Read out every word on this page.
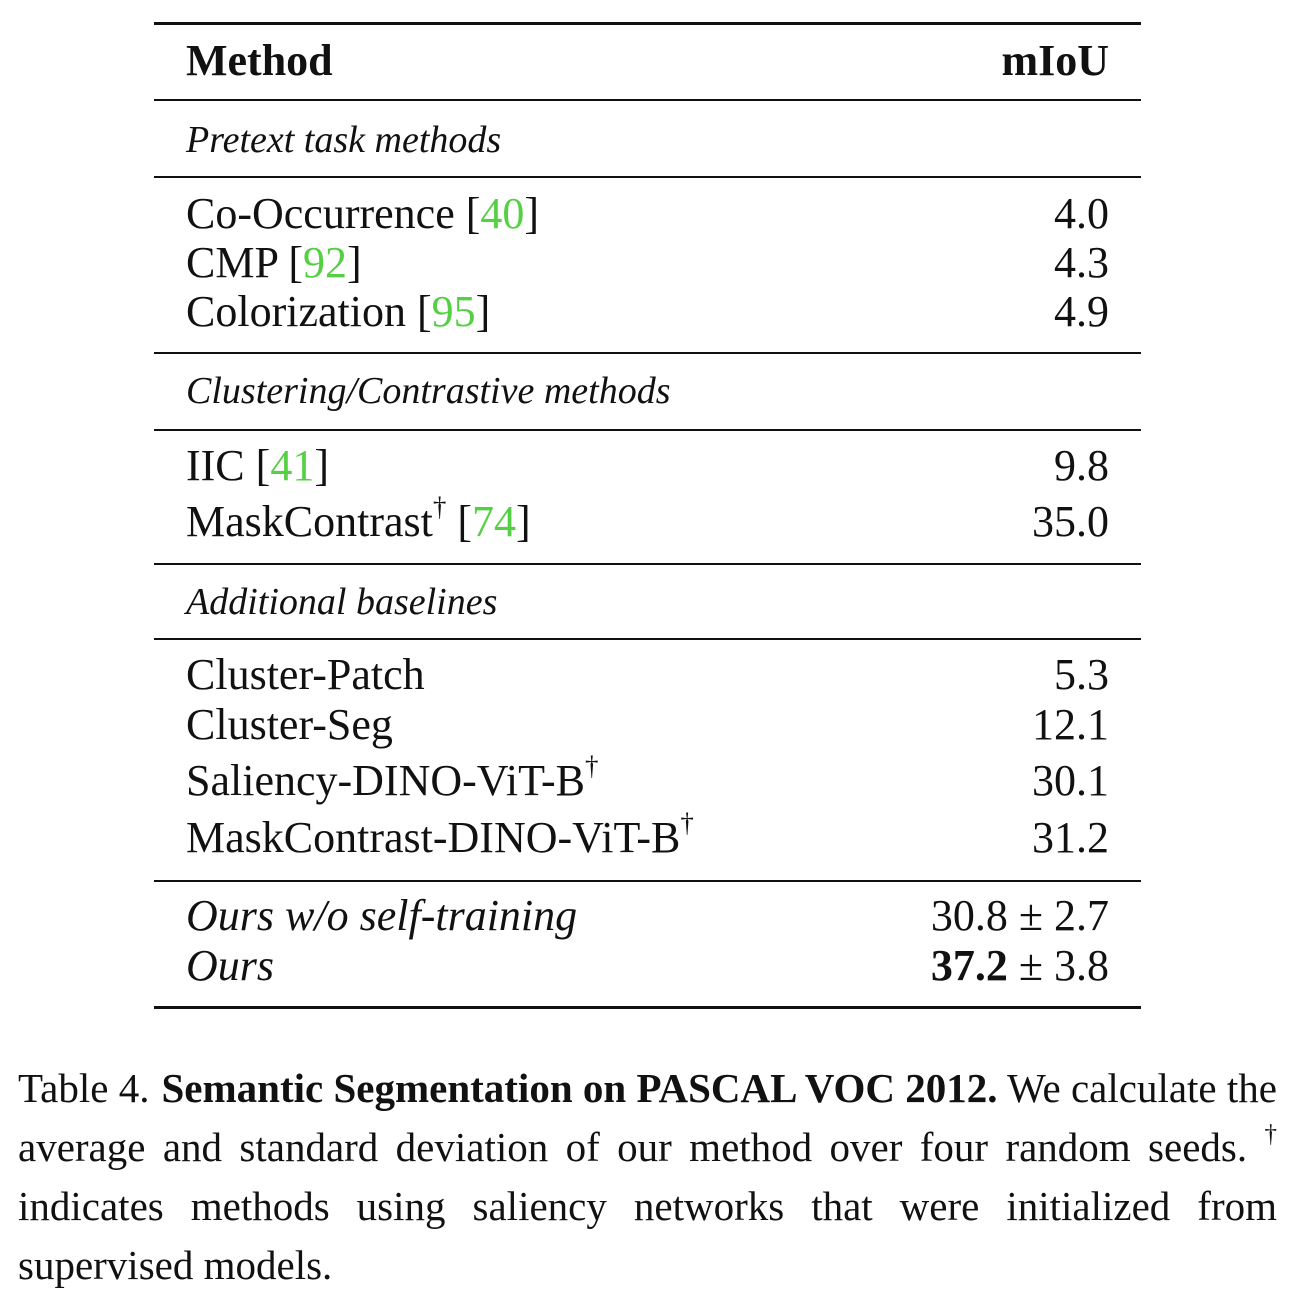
Method	mIoU
Pretext task methods
Co-Occurrence [40]	4.0
CMP [92]	4.3
Colorization [95]	4.9
Clustering/Contrastive methods
IIC [41]	9.8
MaskContrast† [74]	35.0
Additional baselines
Cluster-Patch	5.3
Cluster-Seg	12.1
Saliency-DINO-ViT-B†	30.1
MaskContrast-DINO-ViT-B†	31.2
Ours w/o self-training	30.8 ± 2.7
Ours	37.2 ± 3.8
Table 4. Semantic Segmentation on PASCAL VOC 2012. We calculate the average and standard deviation of our method over four random seeds. † indicates methods using saliency networks that were initialized from supervised models.
